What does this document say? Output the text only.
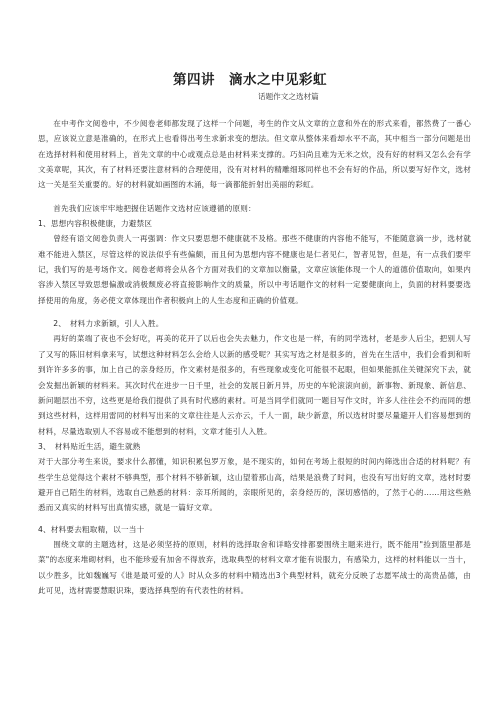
第四讲　滴水之中见彩虹
话题作文之选材篇

在中考作文阅卷中，不少阅卷老师都发现了这样一个问题，考生的作文从文章的立意和外在的形式来看，都然费了一番心思，应该说立意是准确的，在形式上也看得出考生求新求变的想法。但文章从整体来看却水平不高，其中相当一部分问题是出在选择材料和使用材料上，首先文章的中心或观点总是由材料来支撑的。巧妇尚且难为无米之炊，没有好的材料又怎么会有学文美章呢，其次，有了材料还要注意材料的合理使用，没有对材料的精雕细琢同样也不会有好的作品，所以要写好作文，选材这一关是至关重要的。好的材料就如画图的木涌，每一滴都能折射出美丽的彩虹。

首先我们应该牢牢地把握住话题作文选材应该遵循的原则：

1、思想内容积极健康，力避禁区

曾经有语文阅卷负责人一再强调：作文只要思想不健康就不及格。那些不健康的内容他不能写，不能随意滴一步，选材就难不能进入禁区，尽管这样的说法似乎有些偏颇，而且何为思想内容不健康也是仁者见仁，智者见智，但是，有一点我们要牢记，我们写的是考场作文。阅卷老师将会从各个方面对我们的文章加以衡量，文章应该能体现一个人的道德价值取向，如果内容涉入禁区导致思想偏激或消极颓废必将直接影响作文的质量，所以中考话题作文的材料一定要健康向上，负面的材料要要选择使用的角度，务必使文章体现出作者积极向上的人生态度和正确的价值观。

2、　材料力求新颖，引人入胜。

再好的菜端了夜也不会好吃，再美的花开了以后也会失去魅力，作文也是一样，有的同学选材，老是步人后尘，把别人写了又写的陈旧材料拿来写，试想这种材料怎么会给人以新的感受呢？其实写选之材是很多的，首先在生活中，我们会看到和听到许许多多的事，加上自己的亲身经历，作文素材是很多的，有些现象或变化可能很不起眼，但如果能抓住关键深究下去，就会发掘出新颖的材料来。其次时代在进步一日千里，社会的发展日新月异，历史的车轮滚滚向前，新事物、新现象、新信息、新问题层出不穷，这些更是给我们提供了具有时代感的素材。可是当同学们就同一题目写作文时，许多人往往会不约而同的想到这些材料，这样用雷同的材料写出来的文章往往是人云亦云，千人一面，缺少新意，所以选材时要尽量避开人们容易想到的材料，尽量选取别人不容易或不能想到的材料，文章才能引人入胜。

3、　材料贴近生活，避生就熟

对于大部分考生来说，要求什么都懂，知识积累包罗万象，是不现实的，如何在考场上很短的时间内筛选出合适的材料呢？有些学生总觉得这个素材不够典型，那个材料不够新颖，这山望着那山高，结果是浪费了时间，也没有写出好的文章，选材时要避开自己陌生的材料，选取自己熟悉的材料：亲耳所闻的，亲眼所见的，亲身经历的，深切感悟的，了然于心的……用这些熟悉而又真实的材料写出真情实感，就是一篇好文章。

4、材料要去粗取精，以一当十

围绕文章的主题选材，这是必须坚持的原则，材料的选择取舍和详略安排都要围绕主题来进行，既不能用"捡到篮里都是菜"的态度来堆砌材料，也不能珍爱有加舍不得放弃，选取典型的材料文章才能有说服力，有感染力，这样的材料能以一当十，以少胜多，比如魏巍写《谁是最可爱的人》时从众多的材料中精选出3个典型材料，就充分反映了志愿军战士的高贵品德，由此可见，选材需要慧眼识珠，要选择典型的有代表性的材料。
